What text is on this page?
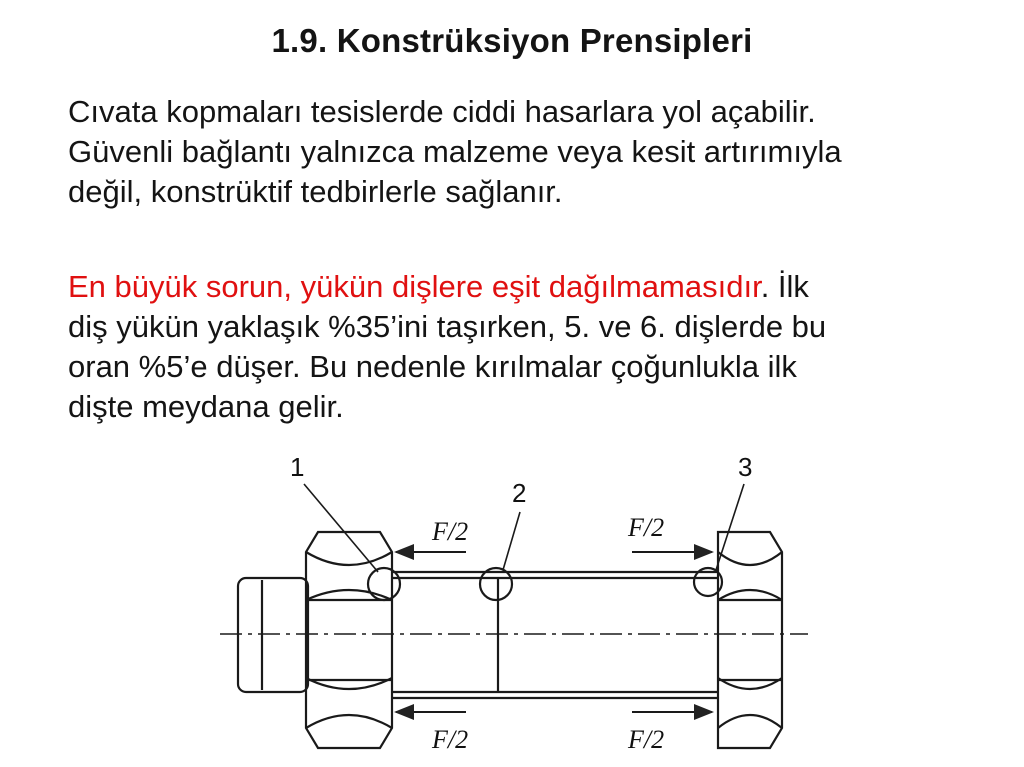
1.9. Konstrüksiyon Prensipleri
Cıvata kopmaları tesislerde ciddi hasarlara yol açabilir.
Güvenli bağlantı yalnızca malzeme veya kesit artırımıyla
değil, konstrüktif tedbirlerle sağlanır.
En büyük sorun, yükün dişlere eşit dağılmamasıdır. İlk
diş yükün yaklaşık %35’ini taşırken, 5. ve 6. dişlerde bu
oran %5’e düşer. Bu nedenle kırılmalar çoğunlukla ilk
dişte meydana gelir.
1
2
3
F/2	F/2
F/2	F/2
